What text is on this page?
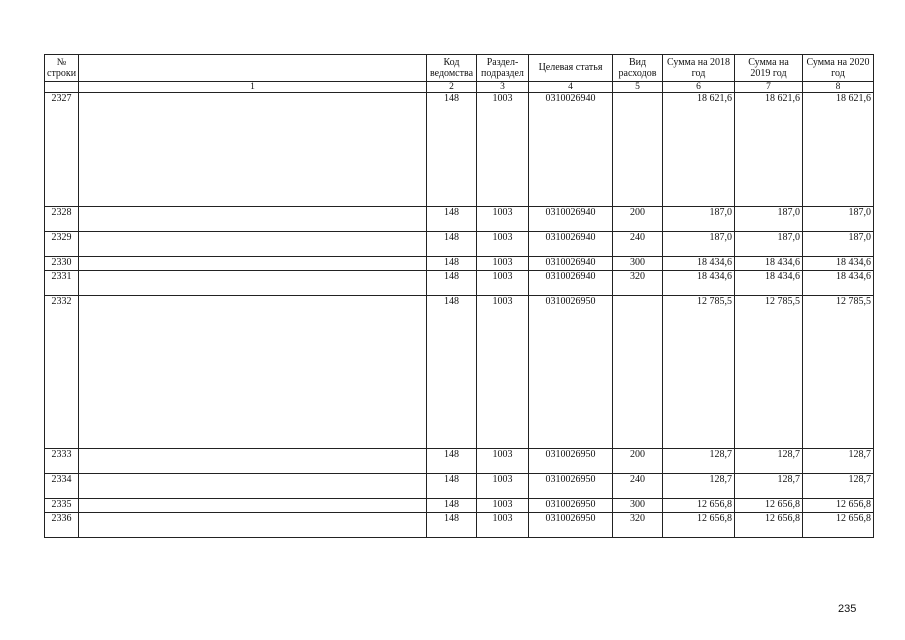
№ строки		Код ведомства	Раздел-подраздел	Целевая статья	Вид расходов	Сумма на 2018 год	Сумма на 2019 год	Сумма на 2020 год
	1	2	3	4	5	6	7	8
2327		148	1003	0310026940		18 621,6	18 621,6	18 621,6
2328		148	1003	0310026940	200	187,0	187,0	187,0
2329		148	1003	0310026940	240	187,0	187,0	187,0
2330		148	1003	0310026940	300	18 434,6	18 434,6	18 434,6
2331		148	1003	0310026940	320	18 434,6	18 434,6	18 434,6
2332		148	1003	0310026950		12 785,5	12 785,5	12 785,5
2333		148	1003	0310026950	200	128,7	128,7	128,7
2334		148	1003	0310026950	240	128,7	128,7	128,7
2335		148	1003	0310026950	300	12 656,8	12 656,8	12 656,8
2336		148	1003	0310026950	320	12 656,8	12 656,8	12 656,8
235
